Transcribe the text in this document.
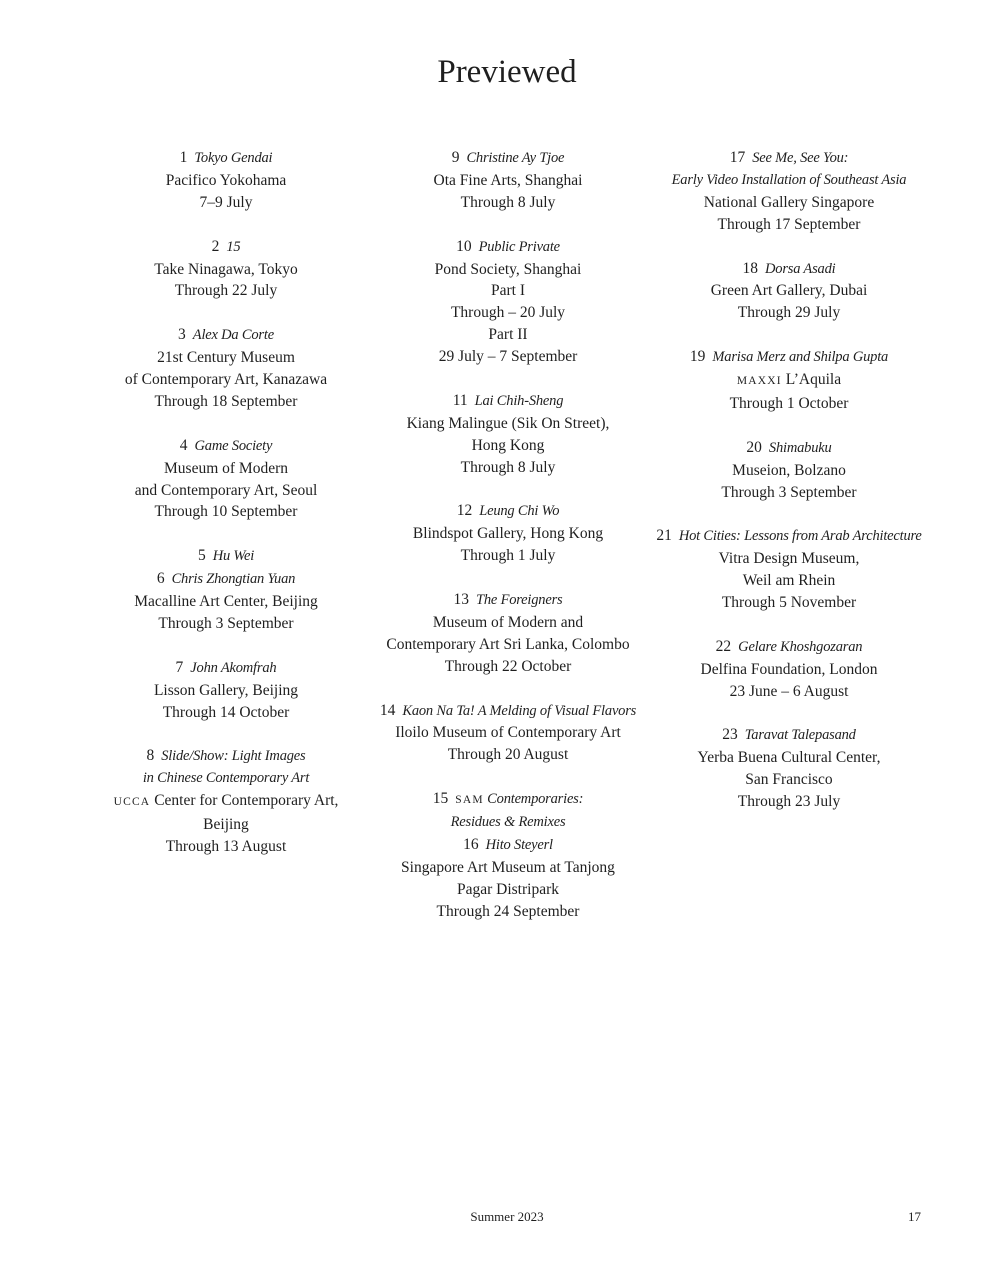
Previewed
1 Tokyo Gendai
Pacifico Yokohama
7–9 July
2 15
Take Ninagawa, Tokyo
Through 22 July
3 Alex Da Corte
21st Century Museum
of Contemporary Art, Kanazawa
Through 18 September
4 Game Society
Museum of Modern
and Contemporary Art, Seoul
Through 10 September
5 Hu Wei
6 Chris Zhongtian Yuan
Macalline Art Center, Beijing
Through 3 September
7 John Akomfrah
Lisson Gallery, Beijing
Through 14 October
8 Slide/Show: Light Images
in Chinese Contemporary Art
UCCA Center for Contemporary Art,
Beijing
Through 13 August
9 Christine Ay Tjoe
Ota Fine Arts, Shanghai
Through 8 July
10 Public Private
Pond Society, Shanghai
Part I
Through – 20 July
Part II
29 July – 7 September
11 Lai Chih-Sheng
Kiang Malingue (Sik On Street),
Hong Kong
Through 8 July
12 Leung Chi Wo
Blindspot Gallery, Hong Kong
Through 1 July
13 The Foreigners
Museum of Modern and
Contemporary Art Sri Lanka, Colombo
Through 22 October
14 Kaon Na Ta! A Melding of Visual Flavors
Iloilo Museum of Contemporary Art
Through 20 August
15 SAM Contemporaries:
Residues & Remixes
16 Hito Steyerl
Singapore Art Museum at Tanjong
Pagar Distripark
Through 24 September
17 See Me, See You:
Early Video Installation of Southeast Asia
National Gallery Singapore
Through 17 September
18 Dorsa Asadi
Green Art Gallery, Dubai
Through 29 July
19 Marisa Merz and Shilpa Gupta
MAXXI L’Aquila
Through 1 October
20 Shimabuku
Museion, Bolzano
Through 3 September
21 Hot Cities: Lessons from Arab Architecture
Vitra Design Museum,
Weil am Rhein
Through 5 November
22 Gelare Khoshgozaran
Delfina Foundation, London
23 June – 6 August
23 Taravat Talepasand
Yerba Buena Cultural Center,
San Francisco
Through 23 July
Summer 2023	17
